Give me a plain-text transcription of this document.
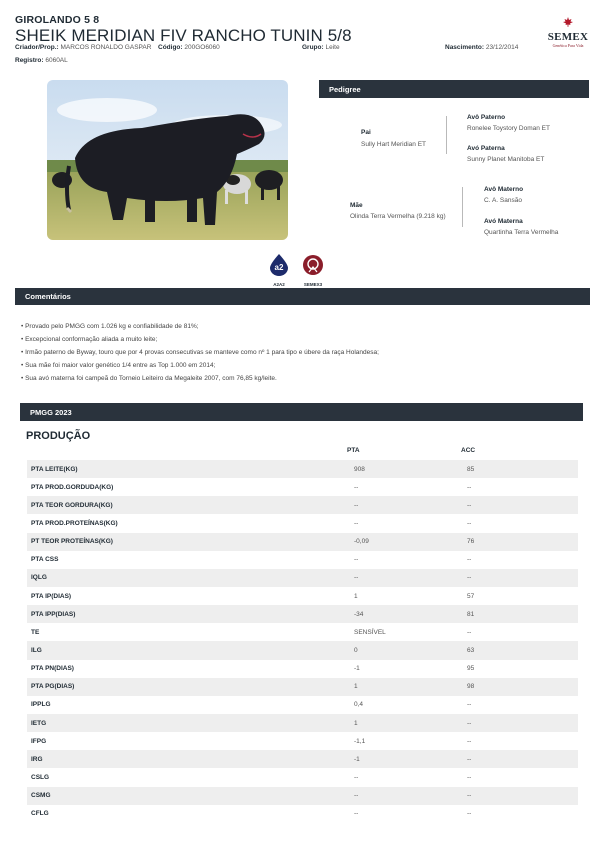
GIROLANDO 5 8
SHEIK MERIDIAN FIV RANCHO TUNIN 5/8
Criador/Prop.: MARCOS RONALDO GASPAR Código: 200GO6060	Grupo: Leite	Nascimento: 23/12/2014
Registro: 6060AL
SEMEX
Genética Para Vida
a2
A2A2	SEMEX3
Pedigree
Pai
Sully Hart Meridian ET
Avô Paterno
Ronelee Toystory Doman ET
Avó Paterna
Sunny Planet Manitoba ET
Mãe
Olinda Terra Vermelha (9.218 kg)
Avô Materno
C. A. Sansão
Avó Materna
Quartinha Terra Vermelha
Comentários
• Provado pelo PMGG com 1.026 kg e confiabilidade de 81%;
• Excepcional conformação aliada a muito leite;
• Irmão paterno de Byway, touro que por 4 provas consecutivas se manteve como nº 1 para tipo e úbere da raça Holandesa;
• Sua mãe foi maior valor genético 1/4 entre as Top 1.000 em 2014;
• Sua avó materna foi campeã do Torneio Leiteiro da Megaleite 2007, com 76,85 kg/leite.
PMGG 2023
PRODUÇÃO
PTA	ACC
PTA LEITE(KG)	908	85
PTA PROD.GORDUDA(KG)	--	--
PTA TEOR GORDURA(KG)	--	--
PTA PROD.PROTEÍNAS(KG)	--	--
PT TEOR PROTEÍNAS(KG)	-0,09	76
PTA CSS	--	--
IQLG	--	--
PTA IP(DIAS)	1	57
PTA IPP(DIAS)	-34	81
TE	SENSÍVEL	--
ILG	0	63
PTA PN(DIAS)	-1	95
PTA PG(DIAS)	1	98
IPPLG	0,4	--
IETG	1	--
IFPG	-1,1	--
IRG	-1	--
CSLG	--	--
CSMG	--	--
CFLG	--	--
